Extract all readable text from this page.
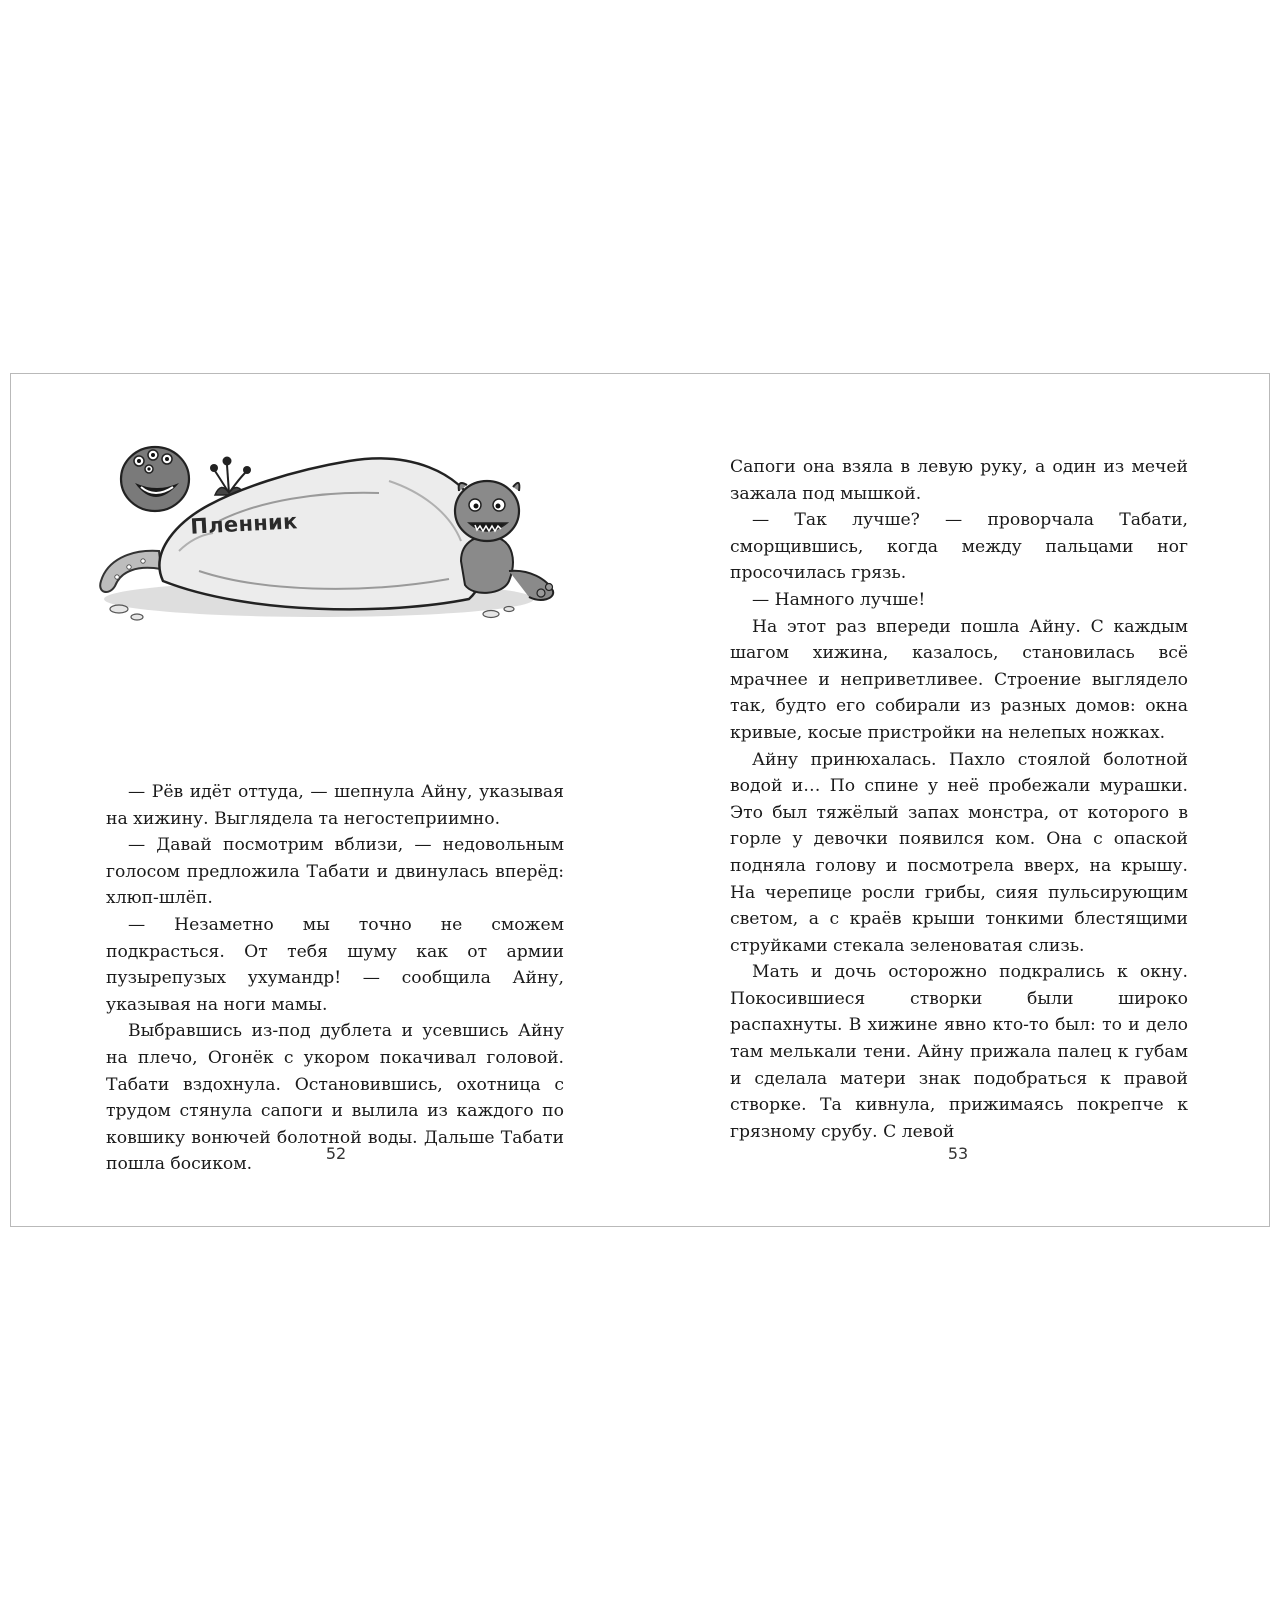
Пленник

— Рёв идёт оттуда, — шепнула Айну, указывая на хижину. Выглядела та негостеприимно.

— Давай посмотрим вблизи, — недовольным голосом предложила Табати и двинулась вперёд: хлюп-шлёп.

— Незаметно мы точно не сможем подкрасться. От тебя шуму как от армии пузырепузых ухумандр! — сообщила Айну, указывая на ноги мамы.

Выбравшись из-под дублета и усевшись Айну на плечо, Огонёк с укором покачивал головой. Табати вздохнула. Остановившись, охотница с трудом стянула сапоги и вылила из каждого по ковшику вонючей болотной воды. Дальше Табати пошла босиком.

52

Сапоги она взяла в левую руку, а один из мечей зажала под мышкой.

— Так лучше? — проворчала Табати, сморщившись, когда между пальцами ног просочилась грязь.

— Намного лучше!

На этот раз впереди пошла Айну. С каждым шагом хижина, казалось, становилась всё мрачнее и неприветливее. Строение выглядело так, будто его собирали из разных домов: окна кривые, косые пристройки на нелепых ножках.

Айну принюхалась. Пахло стоялой болотной водой и… По спине у неё пробежали мурашки. Это был тяжёлый запах монстра, от которого в горле у девочки появился ком. Она с опаской подняла голову и посмотрела вверх, на крышу. На черепице росли грибы, сияя пульсирующим светом, а с краёв крыши тонкими блестящими струйками стекала зеленоватая слизь.

Мать и дочь осторожно подкрались к окну. Покосившиеся створки были широко распахнуты. В хижине явно кто-то был: то и дело там мелькали тени. Айну прижала палец к губам и сделала матери знак подобраться к правой створке. Та кивнула, прижимаясь покрепче к грязному срубу. С левой

53
